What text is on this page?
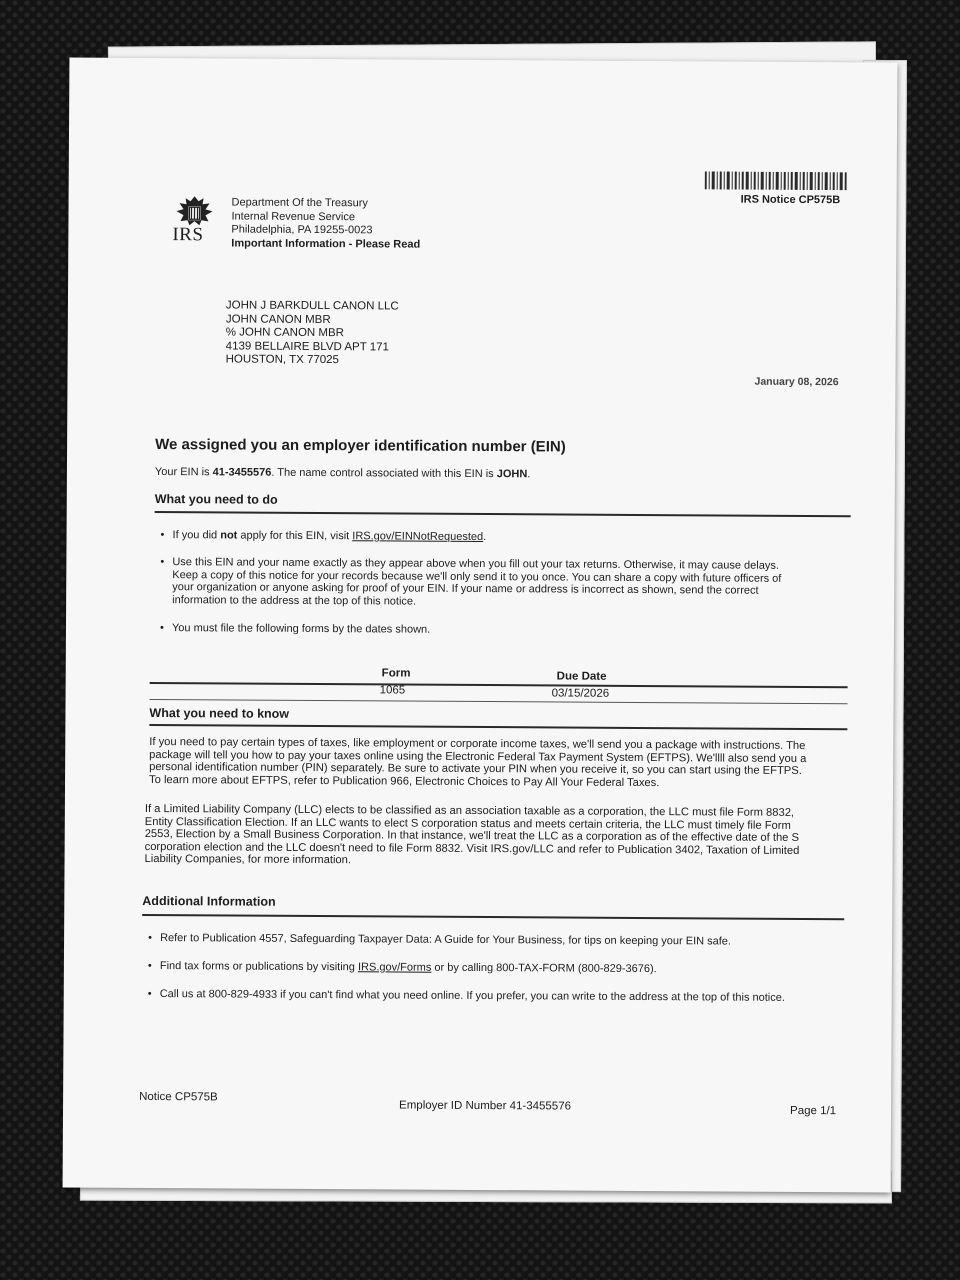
IRS
Department Of the Treasury
Internal Revenue Service
Philadelphia, PA 19255-0023
Important Information - Please Read
IRS Notice CP575B
JOHN J BARKDULL CANON LLC
JOHN CANON MBR
% JOHN CANON MBR
4139 BELLAIRE BLVD APT 171
HOUSTON, TX 77025
January 08, 2026
We assigned you an employer identification number (EIN)
Your EIN is 41-3455576. The name control associated with this EIN is JOHN.
What you need to do
• If you did not apply for this EIN, visit IRS.gov/EINNotRequested.
• Use this EIN and your name exactly as they appear above when you fill out your tax returns. Otherwise, it may cause delays.
Keep a copy of this notice for your records because we'll only send it to you once. You can share a copy with future officers of
your organization or anyone asking for proof of your EIN. If your name or address is incorrect as shown, send the correct
information to the address at the top of this notice.
• You must file the following forms by the dates shown.
Form	Due Date
1065	03/15/2026
What you need to know
If you need to pay certain types of taxes, like employment or corporate income taxes, we'll send you a package with instructions. The
package will tell you how to pay your taxes online using the Electronic Federal Tax Payment System (EFTPS). We'llll also send you a
personal identification number (PIN) separately. Be sure to activate your PIN when you receive it, so you can start using the EFTPS.
To learn more about EFTPS, refer to Publication 966, Electronic Choices to Pay All Your Federal Taxes.
If a Limited Liability Company (LLC) elects to be classified as an association taxable as a corporation, the LLC must file Form 8832,
Entity Classification Election. If an LLC wants to elect S corporation status and meets certain criteria, the LLC must timely file Form
2553, Election by a Small Business Corporation. In that instance, we'll treat the LLC as a corporation as of the effective date of the S
corporation election and the LLC doesn't need to file Form 8832. Visit IRS.gov/LLC and refer to Publication 3402, Taxation of Limited
Liability Companies, for more information.
Additional Information
• Refer to Publication 4557, Safeguarding Taxpayer Data: A Guide for Your Business, for tips on keeping your EIN safe.
• Find tax forms or publications by visiting IRS.gov/Forms or by calling 800-TAX-FORM (800-829-3676).
• Call us at 800-829-4933 if you can't find what you need online. If you prefer, you can write to the address at the top of this notice.
Notice CP575B
Employer ID Number 41-3455576	Page 1/1
